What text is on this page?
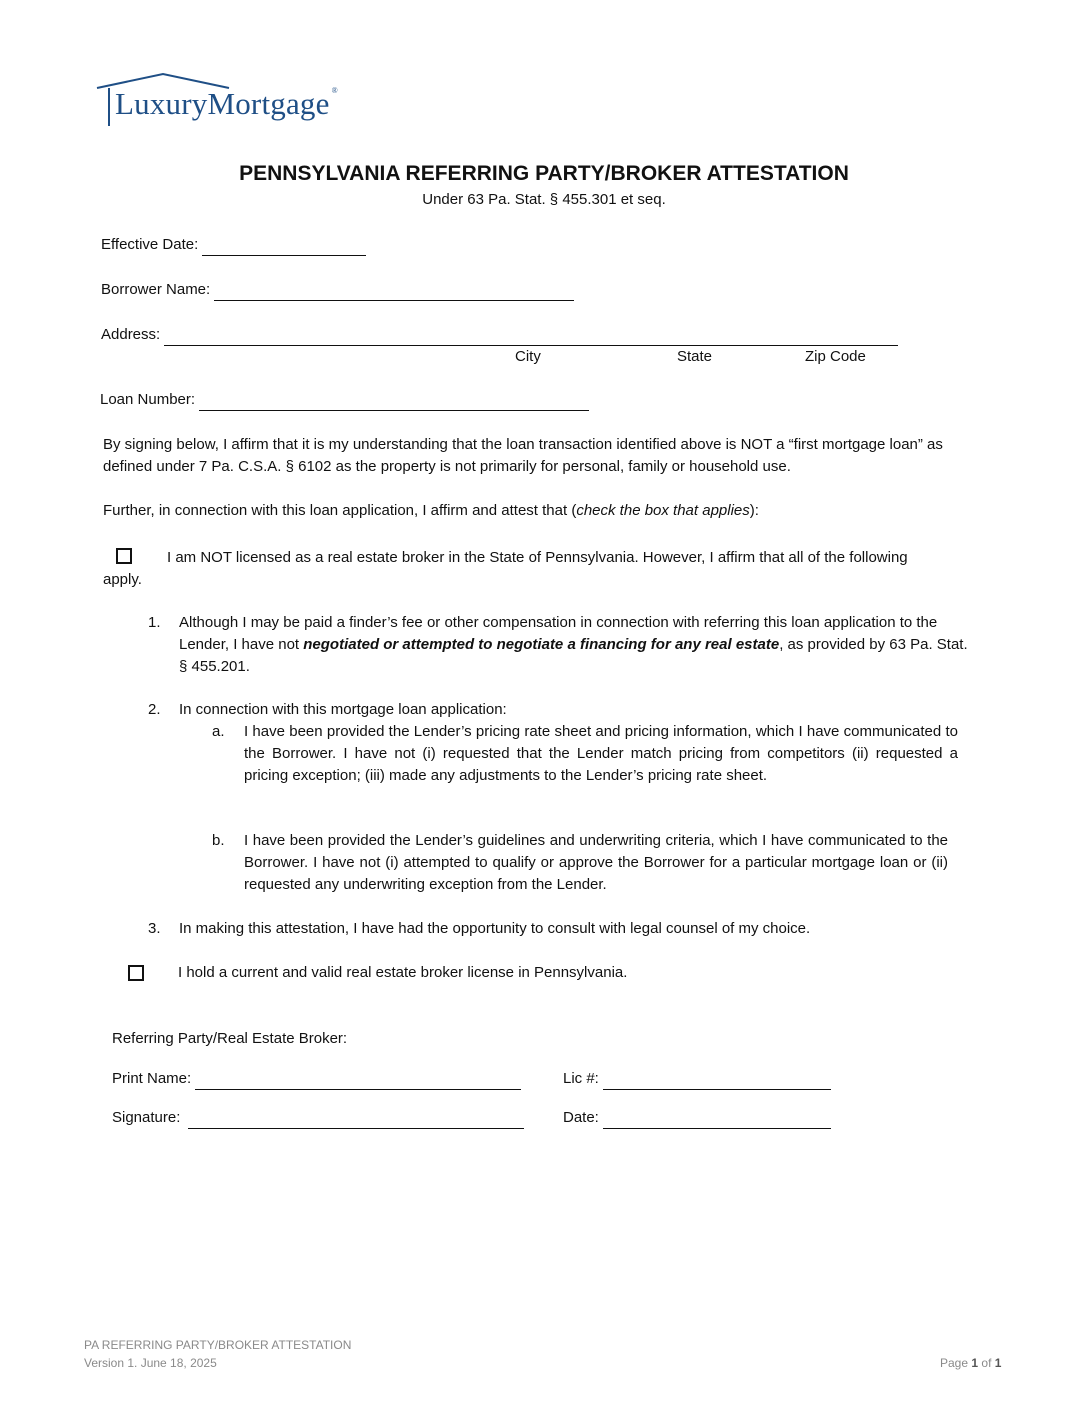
LuxuryMortgage ®
PENNSYLVANIA REFERRING PARTY/BROKER ATTESTATION
Under 63 Pa. Stat. § 455.301 et seq.
Effective Date:
Borrower Name:
Address:
City	State	Zip Code
Loan Number:
By signing below, I affirm that it is my understanding that the loan transaction identified above is NOT a “first mortgage loan” as defined under 7 Pa. C.S.A. § 6102 as the property is not primarily for personal, family or household use.
Further, in connection with this loan application, I affirm and attest that (check the box that applies):
I am NOT licensed as a real estate broker in the State of Pennsylvania. However, I affirm that all of the following
apply.
1. Although I may be paid a finder’s fee or other compensation in connection with referring this loan application to the Lender, I have not negotiated or attempted to negotiate a financing for any real estate, as provided by 63 Pa. Stat. § 455.201.
2. In connection with this mortgage loan application:
a. I have been provided the Lender’s pricing rate sheet and pricing information, which I have communicated to the Borrower. I have not (i) requested that the Lender match pricing from competitors (ii) requested a pricing exception; (iii) made any adjustments to the Lender’s pricing rate sheet.
b. I have been provided the Lender’s guidelines and underwriting criteria, which I have communicated to the Borrower. I have not (i) attempted to qualify or approve the Borrower for a particular mortgage loan or (ii) requested any underwriting exception from the Lender.
3. In making this attestation, I have had the opportunity to consult with legal counsel of my choice.
I hold a current and valid real estate broker license in Pennsylvania.
Referring Party/Real Estate Broker:
Print Name:	Lic #:
Signature:	Date:
PA REFERRING PARTY/BROKER ATTESTATION
Version 1. June 18, 2025	Page 1 of 1
